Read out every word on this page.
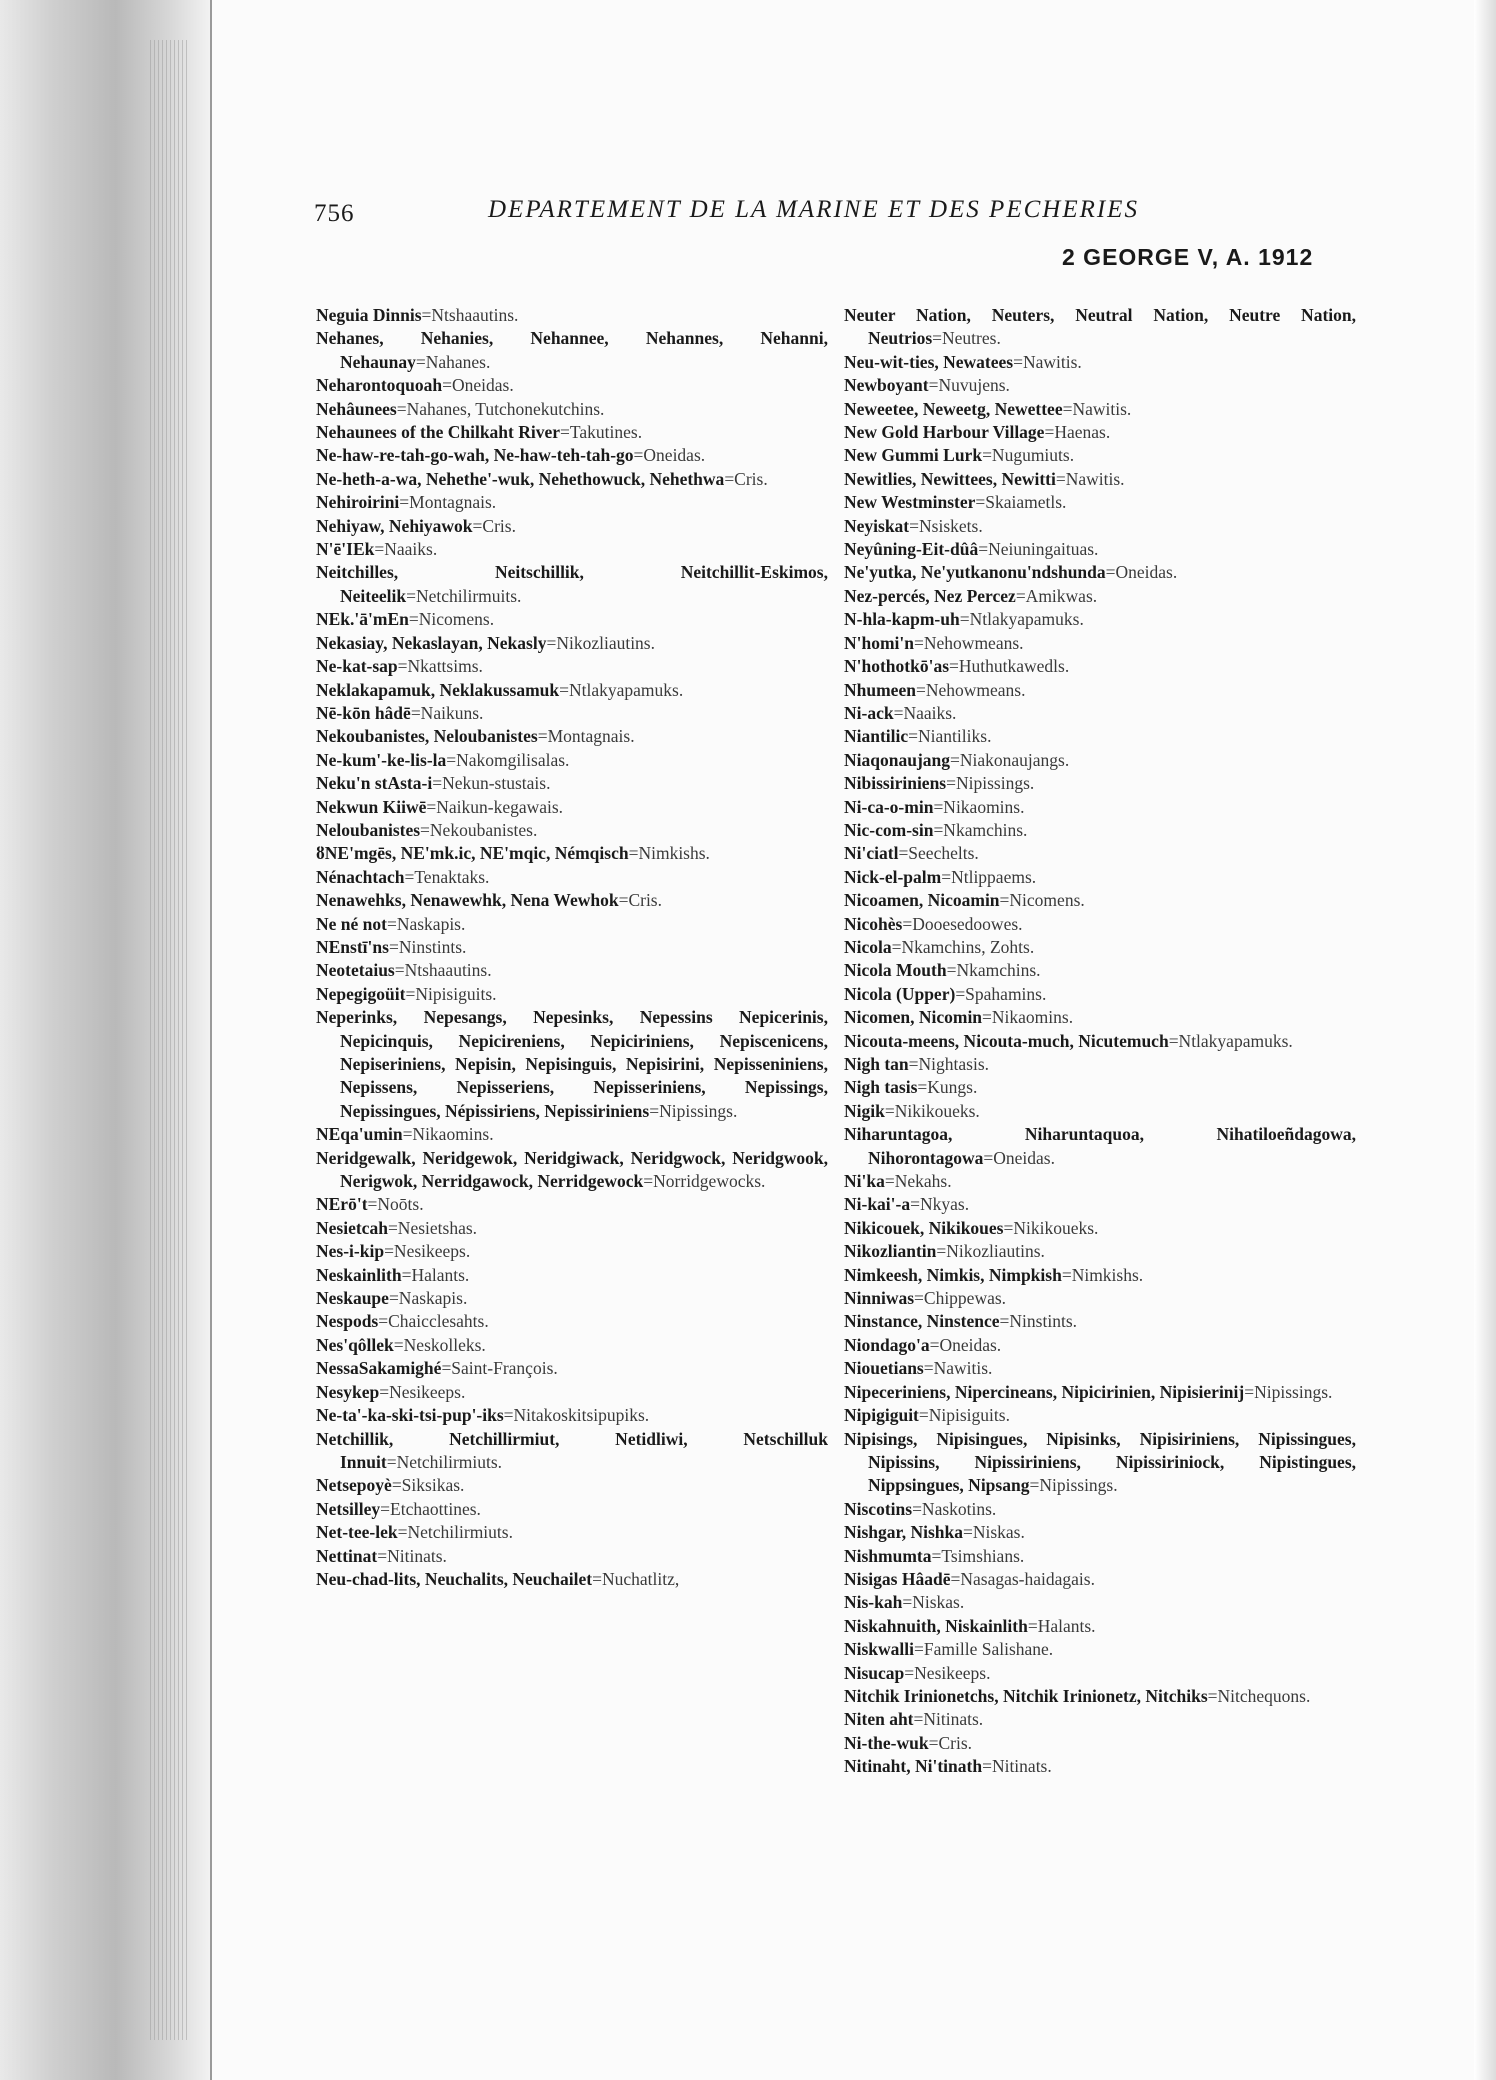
756	DEPARTEMENT DE LA MARINE ET DES PECHERIES
2 GEORGE V, A. 1912

Neguia Dinnis=Ntshaautins.

Nehanes, Nehanies, Nehannee, Nehannes, Nehanni, Nehaunay=Nahanes.

Neharontoquoah=Oneidas.

Nehâunees=Nahanes, Tutchonekutchins.

Nehaunees of the Chilkaht River=Takutines.

Ne-haw-re-tah-go-wah, Ne-haw-teh-tah-go=Oneidas.

Ne-heth-a-wa, Nehethe'-wuk, Nehethowuck, Nehethwa=Cris.

Nehiroirini=Montagnais.

Nehiyaw, Nehiyawok=Cris.

N'ē'IEk=Naaiks.

Neitchilles, Neitschillik, Neitchillit-Eskimos, Neiteelik=Netchilirmuits.

NEk.'ā'mEn=Nicomens.

Nekasiay, Nekaslayan, Nekasly=Nikozliautins.

Ne-kat-sap=Nkattsims.

Neklakapamuk, Neklakussamuk=Ntlakyapamuks.

Nē-kōn hâdē=Naikuns.

Nekoubanistes, Neloubanistes=Montagnais.

Ne-kum'-ke-lis-la=Nakomgilisalas.

Neku'n stAsta-i=Nekun-stustais.

Nekwun Kiiwē=Naikun-kegawais.

Neloubanistes=Nekoubanistes.

ȣNE'mgēs, NE'mk.ic, NE'mqic, Némqisch=Nimkishs.

Nénachtach=Tenaktaks.

Nenawehks, Nenawewhk, Nena Wewhok=Cris.

Ne né not=Naskapis.

NEnstī'ns=Ninstints.

Neotetaius=Ntshaautins.

Nepegigoüit=Nipisiguits.

Neperinks, Nepesangs, Nepesinks, Nepessins Nepicerinis, Nepicinquis, Nepicireniens, Nepiciriniens, Nepiscenicens, Nepiseriniens, Nepisin, Nepisinguis, Nepisirini, Nepisseniniens, Nepissens, Nepisseriens, Nepisseriniens, Nepissings, Nepissingues, Népissiriens, Nepissiriniens=Nipissings.

NEqa'umin=Nikaomins.

Neridgewalk, Neridgewok, Neridgiwack, Neridgwock, Neridgwook, Nerigwok, Nerridgawock, Nerridgewock=Norridgewocks.

NErō't=Noōts.

Nesietcah=Nesietshas.

Nes-i-kip=Nesikeeps.

Neskainlith=Halants.

Neskaupe=Naskapis.

Nespods=Chaicclesahts.

Nes'qôllek=Neskolleks.

NessaSakamighé=Saint-François.

Nesykep=Nesikeeps.

Ne-ta'-ka-ski-tsi-pup'-iks=Nitakoskitsipupiks.

Netchillik, Netchillirmiut, Netidliwi, Netschilluk Innuit=Netchilirmiuts.

Netsepoyè=Siksikas.

Netsilley=Etchaottines.

Net-tee-lek=Netchilirmiuts.

Nettinat=Nitinats.

Neu-chad-lits, Neuchalits, Neuchailet=Nuchatlitz,

Neuter Nation, Neuters, Neutral Nation, Neutre Nation, Neutrios=Neutres.

Neu-wit-ties, Newatees=Nawitis.

Newboyant=Nuvujens.

Neweetee, Neweetg, Newettee=Nawitis.

New Gold Harbour Village=Haenas.

New Gummi Lurk=Nugumiuts.

Newitlies, Newittees, Newitti=Nawitis.

New Westminster=Skaiametls.

Neyiskat=Nsiskets.

Neyûning-Eit-dûâ=Neiuningaituas.

Ne'yutka, Ne'yutkanonu'ndshunda=Oneidas.

Nez-percés, Nez Percez=Amikwas.

N-hla-kapm-uh=Ntlakyapamuks.

N'homi'n=Nehowmeans.

N'hothotkō'as=Huthutkawedls.

Nhumeen=Nehowmeans.

Ni-ack=Naaiks.

Niantilic=Niantiliks.

Niaqonaujang=Niakonaujangs.

Nibissiriniens=Nipissings.

Ni-ca-o-min=Nikaomins.

Nic-com-sin=Nkamchins.

Ni'ciatl=Seechelts.

Nick-el-palm=Ntlippaems.

Nicoamen, Nicoamin=Nicomens.

Nicohès=Dooesedoowes.

Nicola=Nkamchins, Zohts.

Nicola Mouth=Nkamchins.

Nicola (Upper)=Spahamins.

Nicomen, Nicomin=Nikaomins.

Nicouta-meens, Nicouta-much, Nicutemuch=Ntlakyapamuks.

Nigh tan=Nightasis.

Nigh tasis=Kungs.

Nigik=Nikikoueks.

Niharuntagoa, Niharuntaquoa, Nihatiloeñdagowa, Nihorontagowa=Oneidas.

Ni'ka=Nekahs.

Ni-kai'-a=Nkyas.

Nikicouek, Nikikoues=Nikikoueks.

Nikozliantin=Nikozliautins.

Nimkeesh, Nimkis, Nimpkish=Nimkishs.

Ninniwas=Chippewas.

Ninstance, Ninstence=Ninstints.

Niondago'a=Oneidas.

Niouetians=Nawitis.

Nipeceriniens, Nipercineans, Nipicirinien, Nipisierinij=Nipissings.

Nipigiguit=Nipisiguits.

Nipisings, Nipisingues, Nipisinks, Nipisiriniens, Nipissingues, Nipissins, Nipissiriniens, Nipissiriniock, Nipistingues, Nippsingues, Nipsang=Nipissings.

Niscotins=Naskotins.

Nishgar, Nishka=Niskas.

Nishmumta=Tsimshians.

Nisigas Hâadē=Nasagas-haidagais.

Nis-kah=Niskas.

Niskahnuith, Niskainlith=Halants.

Niskwalli=Famille Salishane.

Nisucap=Nesikeeps.

Nitchik Irinionetchs, Nitchik Irinionetz, Nitchiks=Nitchequons.

Niten aht=Nitinats.

Ni-the-wuk=Cris.

Nitinaht, Ni'tinath=Nitinats.
